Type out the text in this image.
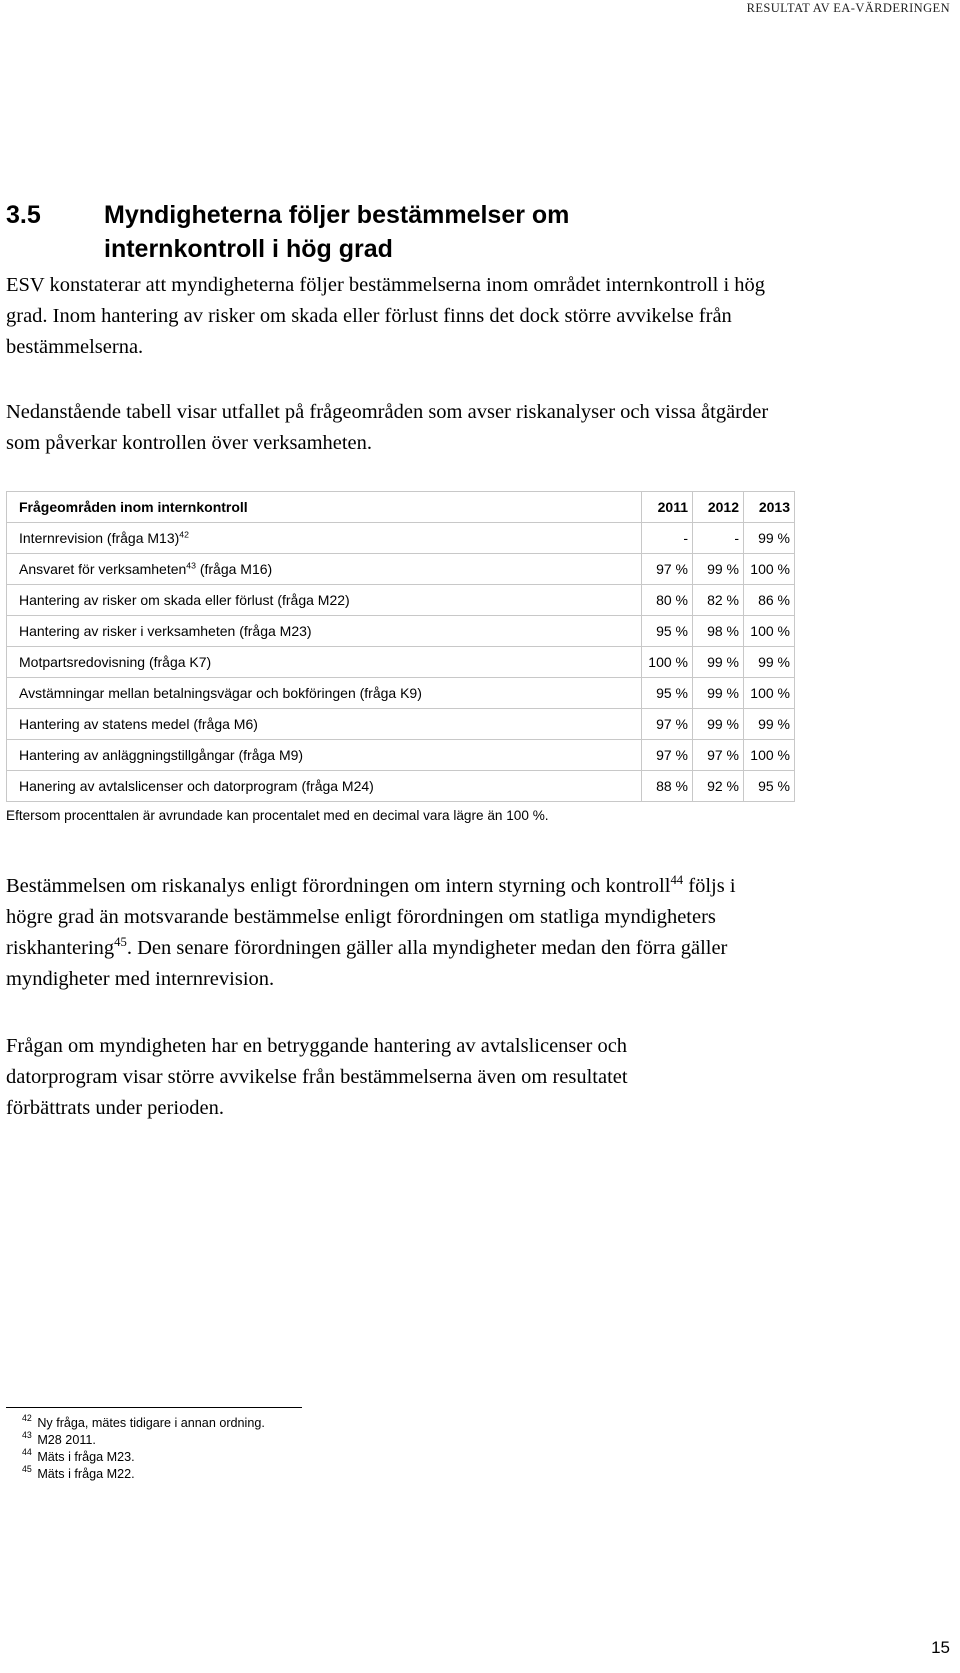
RESULTAT AV EA-VÄRDERINGEN
3.5	Myndigheterna följer bestämmelser om internkontroll i hög grad
ESV konstaterar att myndigheterna följer bestämmelserna inom området internkontroll i hög grad. Inom hantering av risker om skada eller förlust finns det dock större avvikelse från bestämmelserna.
Nedanstående tabell visar utfallet på frågeområden som avser riskanalyser och vissa åtgärder som påverkar kontrollen över verksamheten.
Frågeområden inom internkontroll	2011	2012	2013
Internrevision (fråga M13)$^{42}$	-	-	99 %
Ansvaret för verksamheten$^{43}$ (fråga M16)	97 %	99 %	100 %
Hantering av risker om skada eller förlust (fråga M22)	80 %	82 %	86 %
Hantering av risker i verksamheten (fråga M23)	95 %	98 %	100 %
Motpartsredovisning (fråga K7)	100 %	99 %	99 %
Avstämningar mellan betalningsvägar och bokföringen (fråga K9)	95 %	99 %	100 %
Hantering av statens medel (fråga M6)	97 %	99 %	99 %
Hantering av anläggningstillgångar (fråga M9)	97 %	97 %	100 %
Hanering av avtalslicenser och datorprogram (fråga M24)	88 %	92 %	95 %
Eftersom procenttalen är avrundade kan procentalet med en decimal vara lägre än 100 %.
Bestämmelsen om riskanalys enligt förordningen om intern styrning och kontroll$^{44}$ följs i högre grad än motsvarande bestämmelse enligt förordningen om statliga myndigheters riskhantering$^{45}$. Den senare förordningen gäller alla myndigheter medan den förra gäller myndigheter med internrevision.
Frågan om myndigheten har en betryggande hantering av avtalslicenser och datorprogram visar större avvikelse från bestämmelserna även om resultatet förbättrats under perioden.
$^{42}$ Ny fråga, mätes tidigare i annan ordning.
$^{43}$ M28 2011.
$^{44}$ Mäts i fråga M23.
$^{45}$ Mäts i fråga M22.
15
